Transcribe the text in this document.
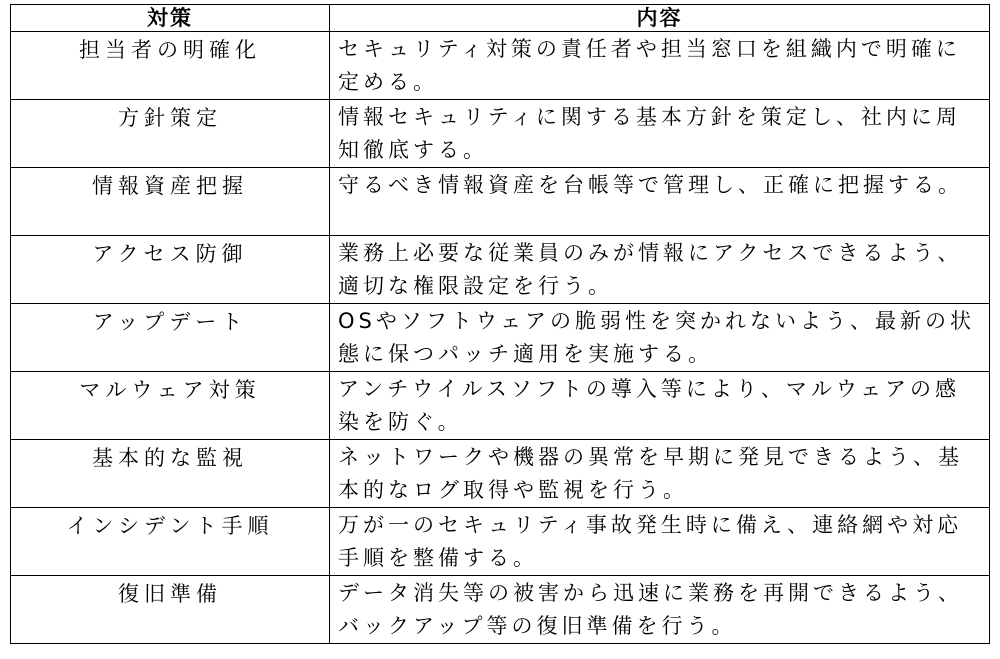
対策	内容
担当者の明確化	セキュリティ対策の責任者や担当窓口を組織内で明確に定める。
方針策定	情報セキュリティに関する基本方針を策定し、社内に周知徹底する。
情報資産把握	守るべき情報資産を台帳等で管理し、正確に把握する。
アクセス防御	業務上必要な従業員のみが情報にアクセスできるよう、適切な権限設定を行う。
アップデート	OSやソフトウェアの脆弱性を突かれないよう、最新の状態に保つパッチ適用を実施する。
マルウェア対策	アンチウイルスソフトの導入等により、マルウェアの感染を防ぐ。
基本的な監視	ネットワークや機器の異常を早期に発見できるよう、基本的なログ取得や監視を行う。
インシデント手順	万が一のセキュリティ事故発生時に備え、連絡網や対応手順を整備する。
復旧準備	データ消失等の被害から迅速に業務を再開できるよう、バックアップ等の復旧準備を行う。
